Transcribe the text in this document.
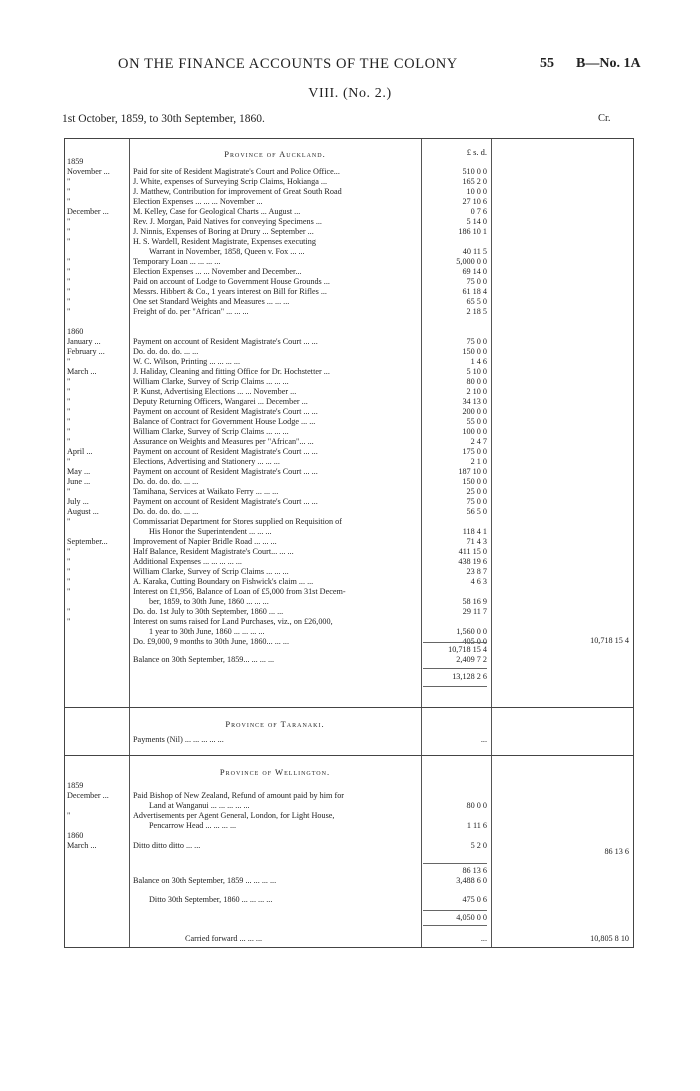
ON THE FINANCE ACCOUNTS OF THE COLONY	55 B—No. 1A
VIII. (No. 2.)
1st October, 1859, to 30th September, 1860.	Cr.
£ s. d.
Province of Auckland.
1859
November ...	Paid for site of Resident Magistrate's Court and Police Office...	510 0 0
"	J. White, expenses of Surveying Scrip Claims, Hokianga ...	165 2 0
"	J. Matthew, Contribution for improvement of Great South Road	10 0 0
"	Election Expenses ... ... ... November ...	27 10 6
December ...	M. Kelley, Case for Geological Charts ... August ...	0 7 6
"	Rev. J. Morgan, Paid Natives for conveying Specimens ...	5 14 0
"	J. Ninnis, Expenses of Boring at Drury ... September ...	186 10 1
"	H. S. Wardell, Resident Magistrate, Expenses executing
Warrant in November, 1858, Queen v. Fox ... ...	40 11 5
"	Temporary Loan ... ... ... ...	5,000 0 0
"	Election Expenses ... ... November and December...	69 14 0
"	Paid on account of Lodge to Government House Grounds ...	75 0 0
"	Messrs. Hibbert & Co., 1 years interest on Bill for Rifles ...	61 18 4
"	One set Standard Weights and Measures ... ... ...	65 5 0
"	Freight of do. per "African" ... ... ...	2 18 5
1860
January ...	Payment on account of Resident Magistrate's Court ... ...	75 0 0
February ...	Do. do. do. do. ... ...	150 0 0
"	W. C. Wilson, Printing ... ... ... ...	1 4 6
March ...	J. Haliday, Cleaning and fitting Office for Dr. Hochstetter ...	5 10 0
"	William Clarke, Survey of Scrip Claims ... ... ...	80 0 0
"	P. Kunst, Advertising Elections ... ... November ...	2 10 0
"	Deputy Returning Officers, Wangarei ... December ...	34 13 0
"	Payment on account of Resident Magistrate's Court ... ...	200 0 0
"	Balance of Contract for Government House Lodge ... ...	55 0 0
"	William Clarke, Survey of Scrip Claims ... ... ...	100 0 0
"	Assurance on Weights and Measures per "African"... ...	2 4 7
April ...	Payment on account of Resident Magistrate's Court ... ...	175 0 0
"	Elections, Advertising and Stationery ... ... ...	2 1 0
May ...	Payment on account of Resident Magistrate's Court ... ...	187 10 0
June ...	Do. do. do. do. ... ...	150 0 0
"	Tamihana, Services at Waikato Ferry ... ... ...	25 0 0
July ...	Payment on account of Resident Magistrate's Court ... ...	75 0 0
August ...	Do. do. do. do. ... ...	56 5 0
"	Commissariat Department for Stores supplied on Requisition of
His Honor the Superintendent ... ... ...	118 4 1
September...	Improvement of Napier Bridle Road ... ... ...	71 4 3
"	Half Balance, Resident Magistrate's Court... ... ...	411 15 0
"	Additional Expenses ... ... ... ... ...	438 19 6
"	William Clarke, Survey of Scrip Claims ... ... ...	23 8 7
"	A. Karaka, Cutting Boundary on Fishwick's claim ... ...	4 6 3
"	Interest on £1,956, Balance of Loan of £5,000 from 31st Decem-
ber, 1859, to 30th June, 1860 ... ... ...	58 16 9
"	Do. do. 1st July to 30th September, 1860 ... ...	29 11 7
"	Interest on sums raised for Land Purchases, viz., on £26,000,
1 year to 30th June, 1860 ... ... ... ...	1,560 0 0
Do. £9,000, 9 months to 30th June, 1860... ... ...	405 0 0
10,718 15 4
10,718 15 4
Balance on 30th September, 1859... ... ... ...	2,409 7 2
13,128 2 6
Province of Taranaki.
Payments (Nil) ... ... ... ... ...	...
Province of Wellington.
1859
December ...	Paid Bishop of New Zealand, Refund of amount paid by him for
Land at Wanganui ... ... ... ... ...	80 0 0
"	Advertisements per Agent General, London, for Light House,
Pencarrow Head ... ... ... ...	1 11 6
1860
March ...	Ditto ditto ditto ... ...	5 2 0
86 13 6
86 13 6
Balance on 30th September, 1859 ... ... ... ...	3,488 6 0
Ditto 30th September, 1860 ... ... ... ...	475 0 6
4,050 0 0
Carried forward ... ... ...	...	10,805 8 10
